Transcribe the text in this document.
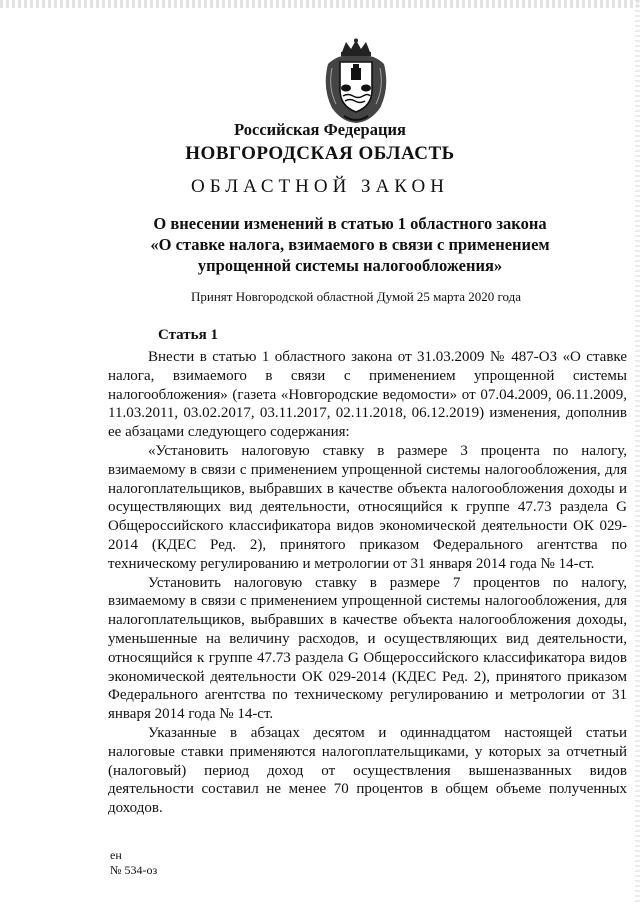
Российская Федерация
НОВГОРОДСКАЯ ОБЛАСТЬ
ОБЛАСТНОЙ ЗАКОН
О внесении изменений в статью 1 областного закона
«О ставке налога, взимаемого в связи с применением
упрощенной системы налогообложения»
Принят Новгородской областной Думой 25 марта 2020 года
Статья 1

Внести в статью 1 областного закона от 31.03.2009 № 487-ОЗ «О ставке налога, взимаемого в связи с применением упрощенной системы налогообложения» (газета «Новгородские ведомости» от 07.04.2009, 06.11.2009, 11.03.2011, 03.02.2017, 03.11.2017, 02.11.2018, 06.12.2019) изменения, дополнив ее абзацами следующего содержания:

«Установить налоговую ставку в размере 3 процента по налогу, взимаемому в связи с применением упрощенной системы налогообложения, для налогоплательщиков, выбравших в качестве объекта налогообложения доходы и осуществляющих вид деятельности, относящийся к группе 47.73 раздела G Общероссийского классификатора видов экономической деятельности ОК 029-2014 (КДЕС Ред. 2), принятого приказом Федерального агентства по техническому регулированию и метрологии от 31 января 2014 года № 14-ст.

Установить налоговую ставку в размере 7 процентов по налогу, взимаемому в связи с применением упрощенной системы налогообложения, для налогоплательщиков, выбравших в качестве объекта налогообложения доходы, уменьшенные на величину расходов, и осуществляющих вид деятельности, относящийся к группе 47.73 раздела G Общероссийского классификатора видов экономической деятельности ОК 029-2014 (КДЕС Ред. 2), принятого приказом Федерального агентства по техническому регулированию и метрологии от 31 января 2014 года № 14-ст.

Указанные в абзацах десятом и одиннадцатом настоящей статьи налоговые ставки применяются налогоплательщиками, у которых за отчетный (налоговый) период доход от осуществления вышеназванных видов деятельности составил не менее 70 процентов в общем объеме полученных доходов.

ен
№ 534-оз
